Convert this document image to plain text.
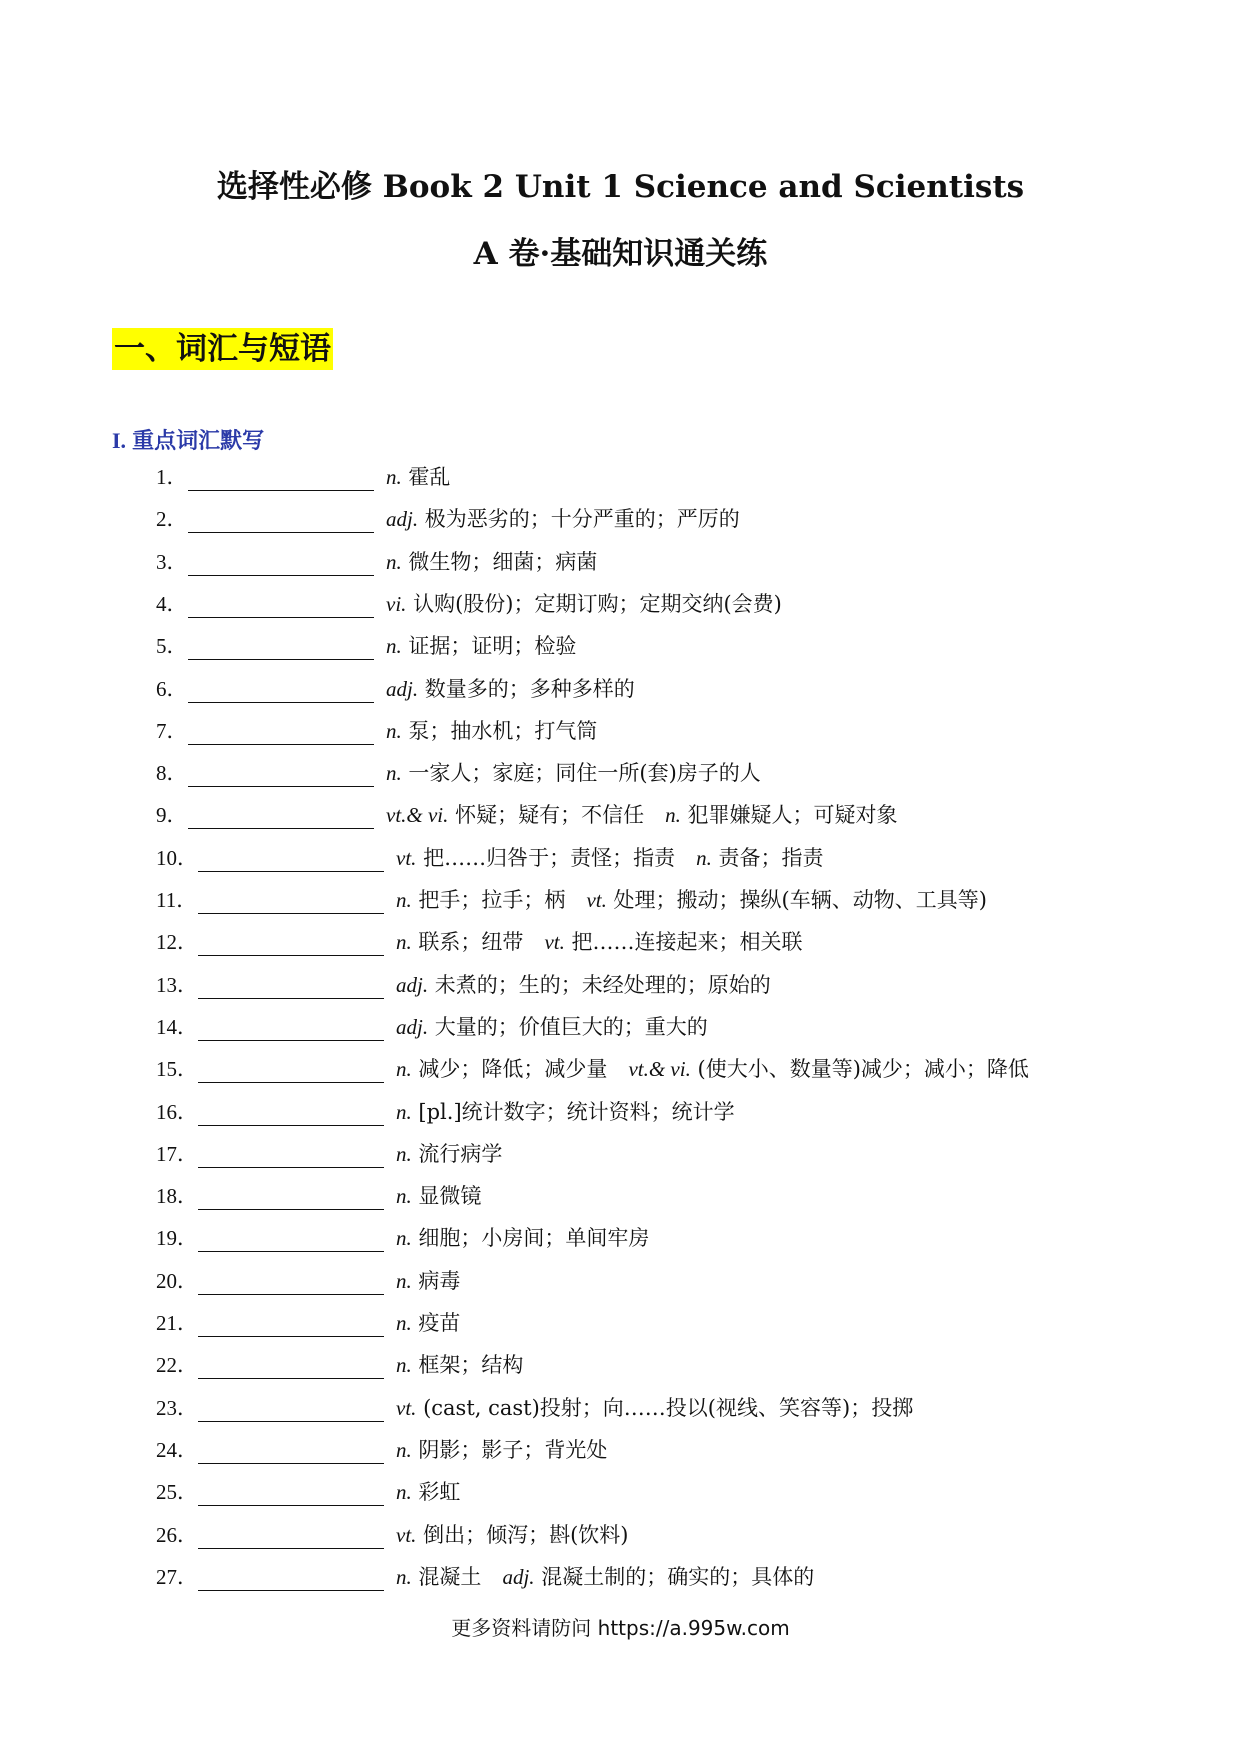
选择性必修 Book 2 Unit 1 Science and Scientists
A 卷·基础知识通关练
一、词汇与短语
I. 重点词汇默写
1．	n. 霍乱
2．	adj. 极为恶劣的；十分严重的；严厉的
3．	n. 微生物；细菌；病菌
4．	vi. 认购(股份)；定期订购；定期交纳(会费)
5．	n. 证据；证明；检验
6．	adj. 数量多的；多种多样的
7．	n. 泵；抽水机；打气筒
8．	n. 一家人；家庭；同住一所(套)房子的人
9．	vt.& vi. 怀疑；疑有；不信任　n. 犯罪嫌疑人；可疑对象
10．	vt. 把……归咎于；责怪；指责　n. 责备；指责
11．	n. 把手；拉手；柄　vt. 处理；搬动；操纵(车辆、动物、工具等)
12．	n. 联系；纽带　vt. 把……连接起来；相关联
13．	adj. 未煮的；生的；未经处理的；原始的
14．	adj. 大量的；价值巨大的；重大的
15．	n. 减少；降低；减少量　vt.& vi. (使大小、数量等)减少；减小；降低
16．	n. [pl.]统计数字；统计资料；统计学
17．	n. 流行病学
18．	n. 显微镜
19．	n. 细胞；小房间；单间牢房
20．	n. 病毒
21．	n. 疫苗
22．	n. 框架；结构
23．	vt. (cast, cast)投射；向……投以(视线、笑容等)；投掷
24．	n. 阴影；影子；背光处
25．	n. 彩虹
26．	vt. 倒出；倾泻；斟(饮料)
27．	n. 混凝土　adj. 混凝土制的；确实的；具体的
更多资料请防问 https://a.995w.com
